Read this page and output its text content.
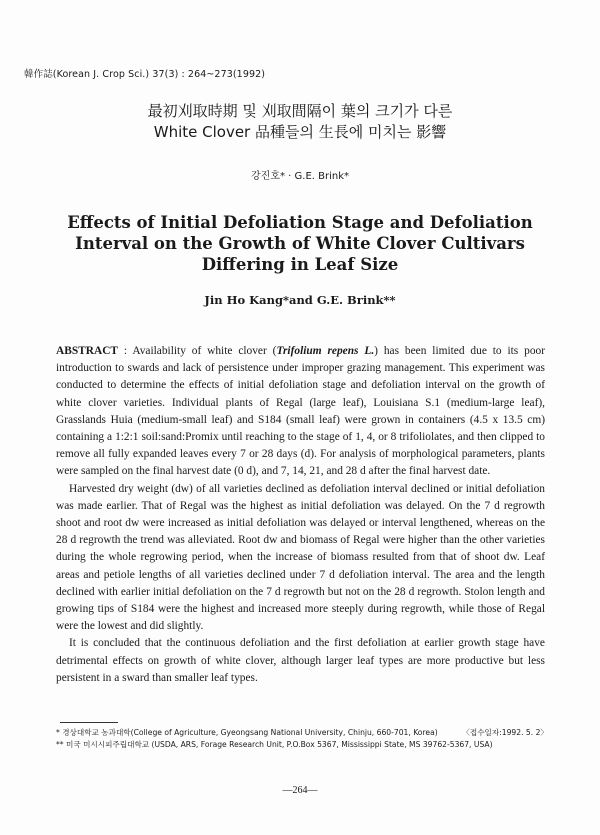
韓作誌(Korean J. Crop Sci.) 37(3) : 264~273(1992)
最初刈取時期 및 刈取間隔이 葉의 크기가 다른
White Clover 品種들의 生長에 미치는 影響
강진호* · G.E. Brink*
Effects of Initial Defoliation Stage and Defoliation
Interval on the Growth of White Clover Cultivars
Differing in Leaf Size
Jin Ho Kang*and G.E. Brink**

ABSTRACT : Availability of white clover (Trifolium repens L.) has been limited due to its poor introduction to swards and lack of persistence under improper grazing management. This experiment was conducted to determine the effects of initial defoliation stage and defoliation interval on the growth of white clover varieties. Individual plants of Regal (large leaf), Louisiana S.1 (medium-large leaf), Grasslands Huia (medium-small leaf) and S184 (small leaf) were grown in containers (4.5 x 13.5 cm) containing a 1:2:1 soil:sand:Promix until reaching to the stage of 1, 4, or 8 trifoliolates, and then clipped to remove all fully expanded leaves every 7 or 28 days (d). For analysis of morphological parameters, plants were sampled on the final harvest date (0 d), and 7, 14, 21, and 28 d after the final harvest date.

Harvested dry weight (dw) of all varieties declined as defoliation interval declined or initial defoliation was made earlier. That of Regal was the highest as initial defoliation was delayed. On the 7 d regrowth shoot and root dw were increased as initial defoliation was delayed or interval lengthened, whereas on the 28 d regrowth the trend was alleviated. Root dw and biomass of Regal were higher than the other varieties during the whole regrowing period, when the increase of biomass resulted from that of shoot dw. Leaf areas and petiole lengths of all varieties declined under 7 d defoliation interval. The area and the length declined with earlier initial defoliation on the 7 d regrowth but not on the 28 d regrowth. Stolon length and growing tips of S184 were the highest and increased more steeply during regrowth, while those of Regal were the lowest and did slightly.

It is concluded that the continuous defoliation and the first defoliation at earlier growth stage have detrimental effects on growth of white clover, although larger leaf types are more productive but less persistent in a sward than smaller leaf types.

* 경상대학교 농과대학(College of Agriculture, Gyeongsang National University, Chinju, 660-701, Korea)	〈접수일자:1992. 5. 2〉
** 미국 미시시피주립대학교 (USDA, ARS, Forage Research Unit, P.O.Box 5367, Mississippi State, MS 39762-5367, USA)
—264—
